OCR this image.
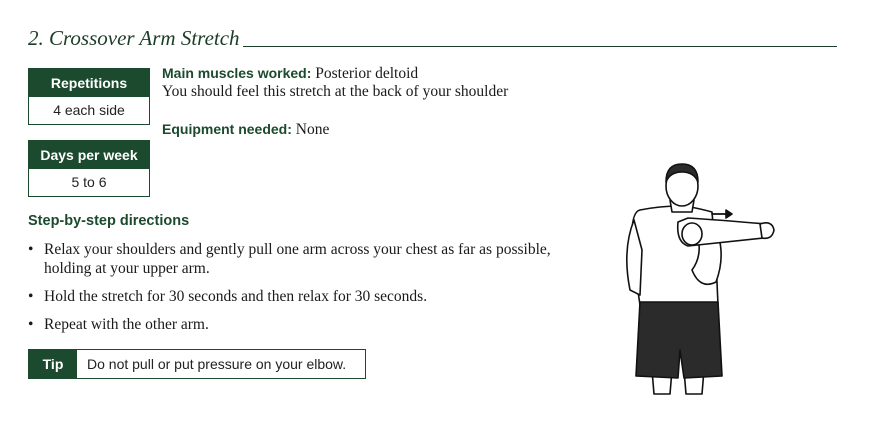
2. Crossover Arm Stretch
Repetitions
4 each side
Days per week
5 to 6
Main muscles worked: Posterior deltoid
You should feel this stretch at the back of your shoulder
Equipment needed: None
Step-by-step directions
• Relax your shoulders and gently pull one arm across your chest as far as possible, holding at your upper arm.
• Hold the stretch for 30 seconds and then relax for 30 seconds.
• Repeat with the other arm.
Tip	Do not pull or put pressure on your elbow.
